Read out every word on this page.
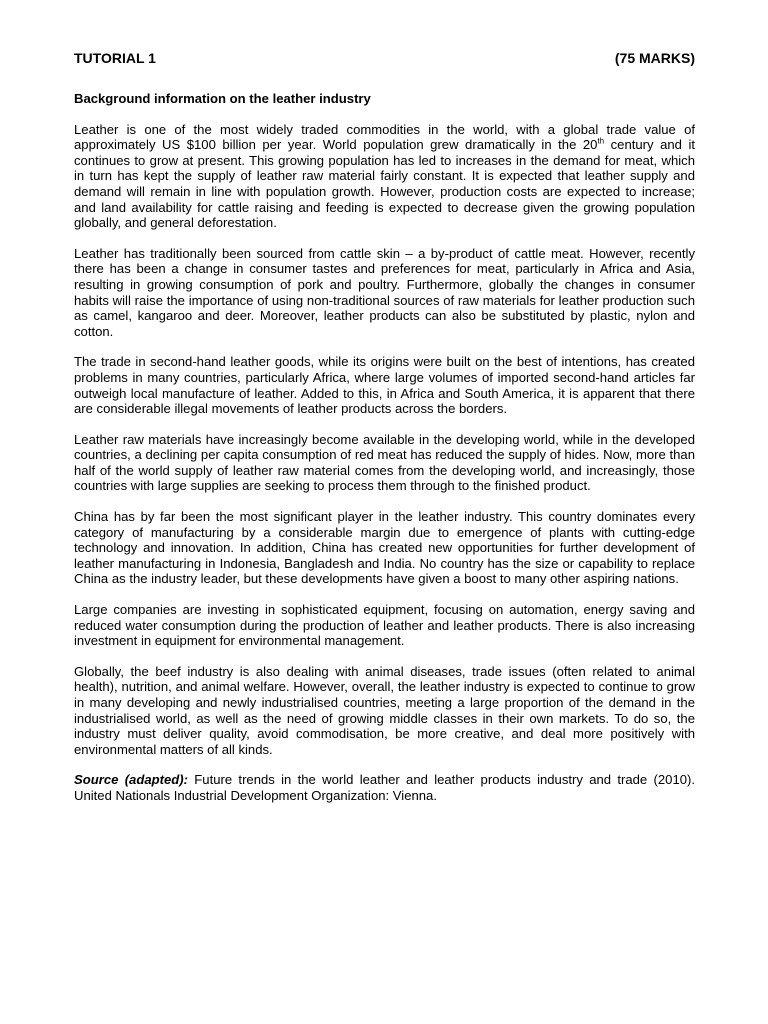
TUTORIAL 1	(75 MARKS)
Background information on the leather industry

Leather is one of the most widely traded commodities in the world, with a global trade value of approximately US $100 billion per year. World population grew dramatically in the 20th century and it continues to grow at present. This growing population has led to increases in the demand for meat, which in turn has kept the supply of leather raw material fairly constant. It is expected that leather supply and demand will remain in line with population growth. However, production costs are expected to increase; and land availability for cattle raising and feeding is expected to decrease given the growing population globally, and general deforestation.

Leather has traditionally been sourced from cattle skin – a by-product of cattle meat. However, recently there has been a change in consumer tastes and preferences for meat, particularly in Africa and Asia, resulting in growing consumption of pork and poultry. Furthermore, globally the changes in consumer habits will raise the importance of using non-traditional sources of raw materials for leather production such as camel, kangaroo and deer. Moreover, leather products can also be substituted by plastic, nylon and cotton.

The trade in second-hand leather goods, while its origins were built on the best of intentions, has created problems in many countries, particularly Africa, where large volumes of imported second-hand articles far outweigh local manufacture of leather. Added to this, in Africa and South America, it is apparent that there are considerable illegal movements of leather products across the borders.

Leather raw materials have increasingly become available in the developing world, while in the developed countries, a declining per capita consumption of red meat has reduced the supply of hides. Now, more than half of the world supply of leather raw material comes from the developing world, and increasingly, those countries with large supplies are seeking to process them through to the finished product.

China has by far been the most significant player in the leather industry. This country dominates every category of manufacturing by a considerable margin due to emergence of plants with cutting-edge technology and innovation. In addition, China has created new opportunities for further development of leather manufacturing in Indonesia, Bangladesh and India. No country has the size or capability to replace China as the industry leader, but these developments have given a boost to many other aspiring nations.

Large companies are investing in sophisticated equipment, focusing on automation, energy saving and reduced water consumption during the production of leather and leather products. There is also increasing investment in equipment for environmental management.

Globally, the beef industry is also dealing with animal diseases, trade issues (often related to animal health), nutrition, and animal welfare. However, overall, the leather industry is expected to continue to grow in many developing and newly industrialised countries, meeting a large proportion of the demand in the industrialised world, as well as the need of growing middle classes in their own markets. To do so, the industry must deliver quality, avoid commodisation, be more creative, and deal more positively with environmental matters of all kinds.

Source (adapted): Future trends in the world leather and leather products industry and trade (2010). United Nationals Industrial Development Organization: Vienna.
